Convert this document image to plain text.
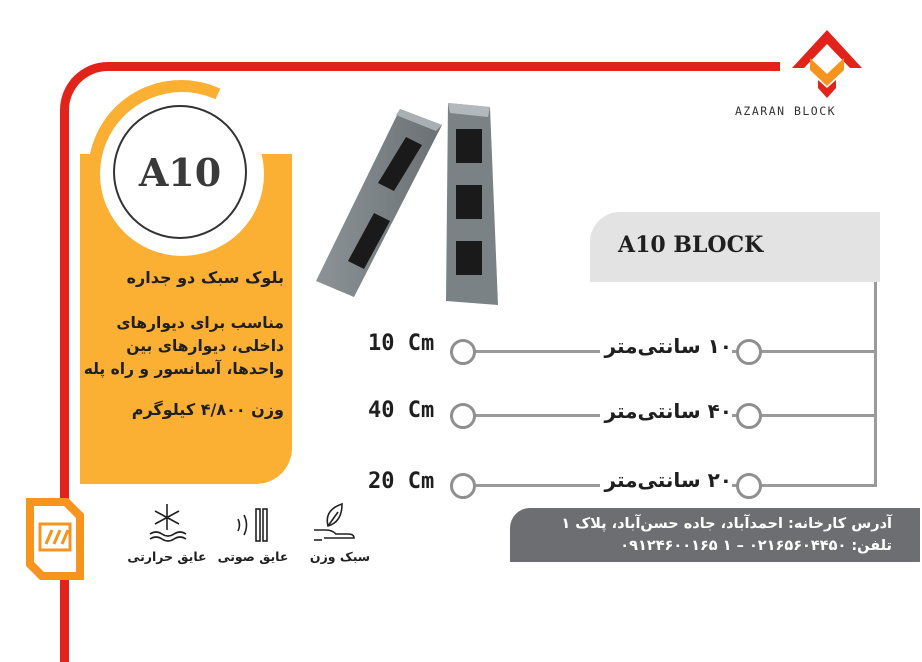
A10
بلوک سبک دو جداره
مناسب برای دیوارهای
داخلی، دیوارهای بین
واحدها، آسانسور و راه پله
وزن ۴/۸۰۰ کیلوگرم
AZARAN BLOCK
A10 BLOCK
10 Cm	۱۰ سانتی‌متر
40 Cm	۴۰ سانتی‌متر
20 Cm	۲۰ سانتی‌متر
آدرس کارخانه: احمدآباد، جاده حسن‌آباد، پلاک ۱
تلفن: ۰۲۱۶۵۶۰۴۴۵۰ – ۱ ۰۹۱۲۴۶۰۰۱۶۵
عایق حرارتی عایق صوتی	سبک وزن
